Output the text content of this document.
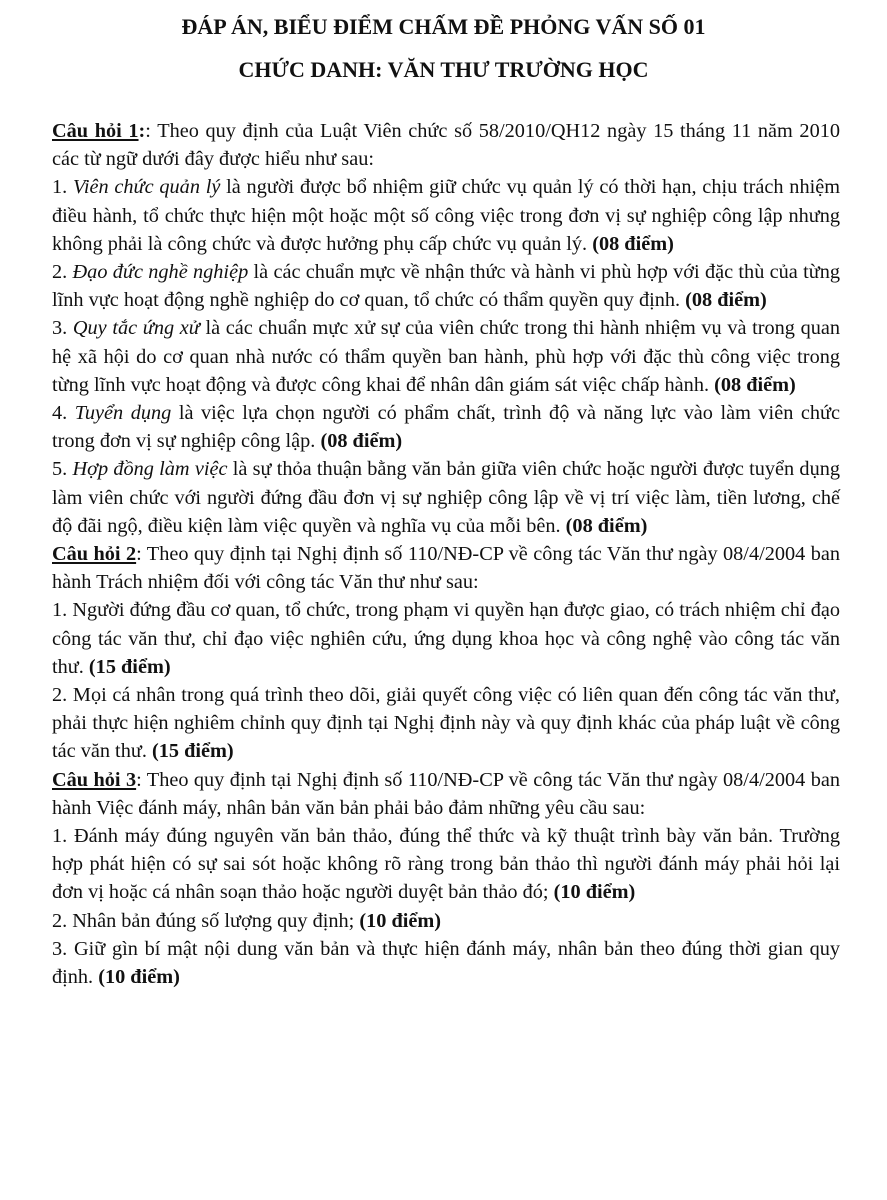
ĐÁP ÁN, BIỂU ĐIỂM CHẤM ĐỀ PHỎNG VẤN SỐ 01
CHỨC DANH: VĂN THƯ TRƯỜNG HỌC

Câu hỏi 1:: Theo quy định của Luật Viên chức số 58/2010/QH12 ngày 15 tháng 11 năm 2010 các từ ngữ dưới đây được hiểu như sau:

1. Viên chức quản lý là người được bổ nhiệm giữ chức vụ quản lý có thời hạn, chịu trách nhiệm điều hành, tổ chức thực hiện một hoặc một số công việc trong đơn vị sự nghiệp công lập nhưng không phải là công chức và được hưởng phụ cấp chức vụ quản lý. (08 điểm)

2. Đạo đức nghề nghiệp là các chuẩn mực về nhận thức và hành vi phù hợp với đặc thù của từng lĩnh vực hoạt động nghề nghiệp do cơ quan, tổ chức có thẩm quyền quy định. (08 điểm)

3. Quy tắc ứng xử là các chuẩn mực xử sự của viên chức trong thi hành nhiệm vụ và trong quan hệ xã hội do cơ quan nhà nước có thẩm quyền ban hành, phù hợp với đặc thù công việc trong từng lĩnh vực hoạt động và được công khai để nhân dân giám sát việc chấp hành. (08 điểm)

4. Tuyển dụng là việc lựa chọn người có phẩm chất, trình độ và năng lực vào làm viên chức trong đơn vị sự nghiệp công lập. (08 điểm)

5. Hợp đồng làm việc là sự thỏa thuận bằng văn bản giữa viên chức hoặc người được tuyển dụng làm viên chức với người đứng đầu đơn vị sự nghiệp công lập về vị trí việc làm, tiền lương, chế độ đãi ngộ, điều kiện làm việc quyền và nghĩa vụ của mỗi bên. (08 điểm)

Câu hỏi 2: Theo quy định tại Nghị định số 110/NĐ-CP về công tác Văn thư ngày 08/4/2004 ban hành Trách nhiệm đối với công tác Văn thư như sau:

1. Người đứng đầu cơ quan, tổ chức, trong phạm vi quyền hạn được giao, có trách nhiệm chỉ đạo công tác văn thư, chỉ đạo việc nghiên cứu, ứng dụng khoa học và công nghệ vào công tác văn thư. (15 điểm)

2. Mọi cá nhân trong quá trình theo dõi, giải quyết công việc có liên quan đến công tác văn thư, phải thực hiện nghiêm chỉnh quy định tại Nghị định này và quy định khác của pháp luật về công tác văn thư. (15 điểm)

Câu hỏi 3: Theo quy định tại Nghị định số 110/NĐ-CP về công tác Văn thư ngày 08/4/2004 ban hành Việc đánh máy, nhân bản văn bản phải bảo đảm những yêu cầu sau:

1. Đánh máy đúng nguyên văn bản thảo, đúng thể thức và kỹ thuật trình bày văn bản. Trường hợp phát hiện có sự sai sót hoặc không rõ ràng trong bản thảo thì người đánh máy phải hỏi lại đơn vị hoặc cá nhân soạn thảo hoặc người duyệt bản thảo đó; (10 điểm)

2. Nhân bản đúng số lượng quy định; (10 điểm)

3. Giữ gìn bí mật nội dung văn bản và thực hiện đánh máy, nhân bản theo đúng thời gian quy định. (10 điểm)
